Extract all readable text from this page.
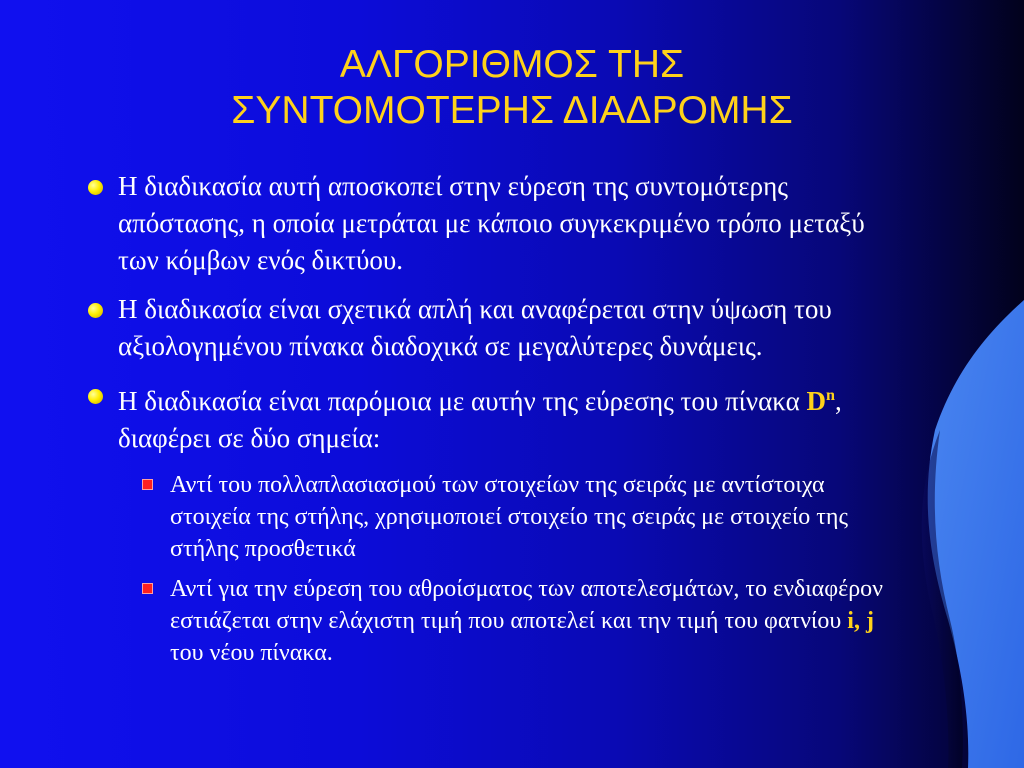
ΑΛΓΟΡΙΘΜΟΣ ΤΗΣ
ΣΥΝΤΟΜΟΤΕΡΗΣ ΔΙΑΔΡΟΜΗΣ
Η διαδικασία αυτή αποσκοπεί στην εύρεση της συντομότερης απόστασης, η οποία μετράται με κάποιο συγκεκριμένο τρόπο μεταξύ των κόμβων ενός δικτύου.
Η διαδικασία είναι σχετικά απλή και αναφέρεται στην ύψωση του αξιολογημένου πίνακα διαδοχικά σε μεγαλύτερες δυνάμεις.
Η διαδικασία είναι παρόμοια με αυτήν της εύρεσης του πίνακα $D^n$, διαφέρει σε δύο σημεία:
Αντί του πολλαπλασιασμού των στοιχείων της σειράς με αντίστοιχα στοιχεία της στήλης, χρησιμοποιεί στοιχείο της σειράς με στοιχείο της στήλης προσθετικά
Αντί για την εύρεση του αθροίσματος των αποτελεσμάτων, το ενδιαφέρον εστιάζεται στην ελάχιστη τιμή που αποτελεί και την τιμή του φατνίου i, j του νέου πίνακα.
